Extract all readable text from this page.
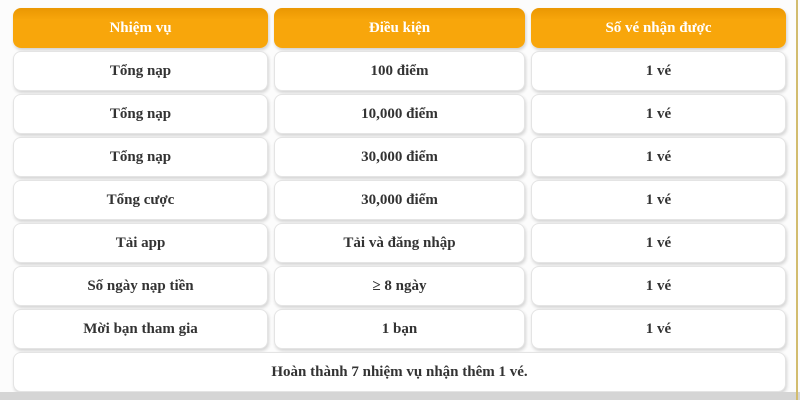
Nhiệm vụ	Điều kiện	Số vé nhận được
Tổng nạp	100 điểm	1 vé
Tổng nạp	10,000 điểm	1 vé
Tổng nạp	30,000 điểm	1 vé
Tổng cược	30,000 điểm	1 vé
Tải app	Tải và đăng nhập	1 vé
Số ngày nạp tiền	≥ 8 ngày	1 vé
Mời bạn tham gia	1 bạn	1 vé
Hoàn thành 7 nhiệm vụ nhận thêm 1 vé.
